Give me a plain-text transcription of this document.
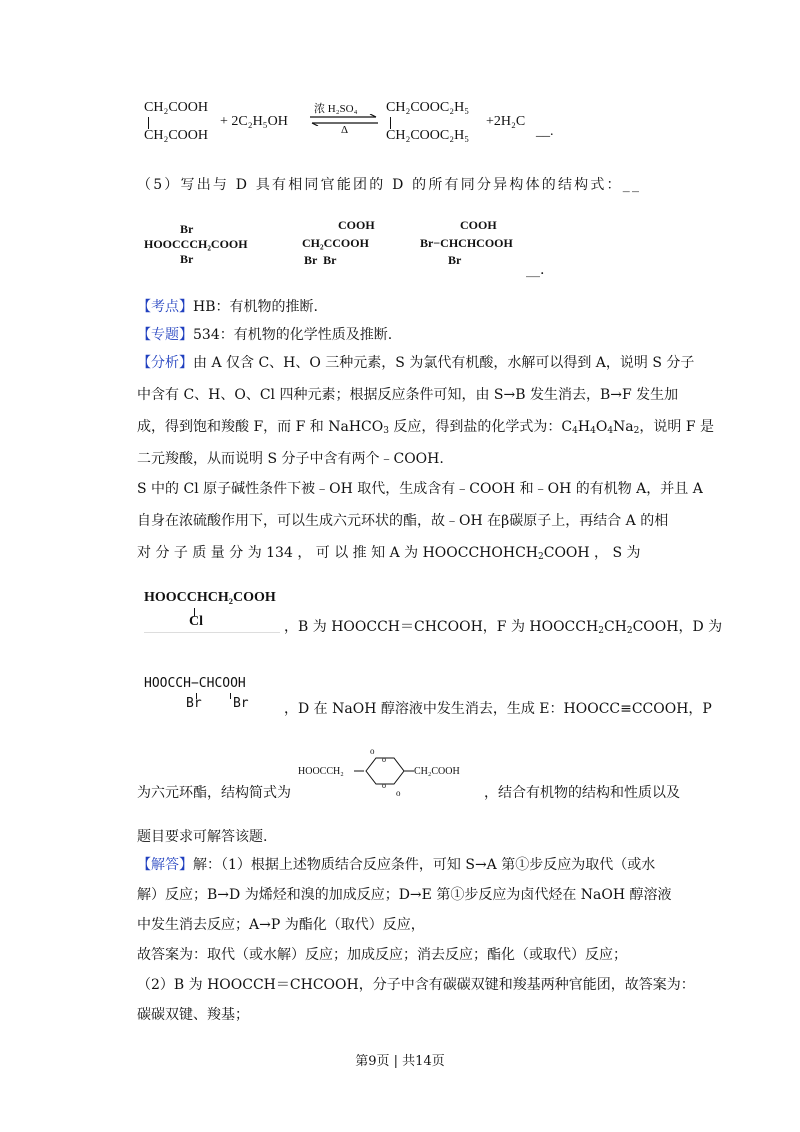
CH₂COOH
CH₂COOH
+ 2C₂H₅OH
浓 H₂SO₄
Δ
CH₂COOC₂H₅
CH₂COOC₂H₅
+2H₂C
__.
（5）写出与 D 具有相同官能团的 D 的所有同分异构体的结构式：__
Br
HOOCCCH₂COOH
Br
COOH
CH₂CCOOH
Br  Br
COOH
Br−CHCHCOOH
Br
__.
【考点】HB：有机物的推断.
【专题】534：有机物的化学性质及推断.
【分析】由 A 仅含 C、H、O 三种元素，S 为氯代有机酸，水解可以得到 A，说明 S 分子
中含有 C、H、O、Cl 四种元素；根据反应条件可知，由 S→B 发生消去，B→F 发生加
成，得到饱和羧酸 F，而 F 和 NaHCO$_3$ 反应，得到盐的化学式为：$C_4H_4O_4Na_2$，说明 F 是
二元羧酸，从而说明 S 分子中含有两个﹣COOH.
S 中的 Cl 原子碱性条件下被﹣OH 取代，生成含有﹣COOH 和﹣OH 的有机物 A，并且 A
自身在浓硫酸作用下，可以生成六元环状的酯，故﹣OH 在β碳原子上，再结合 A 的相
对 分 子 质 量 分 为 134 ， 可 以 推 知 A 为 $HOOCCHOHCH_2COOH$ ， S 为
HOOCCHCH₂COOH
Cl	，B 为 HOOCCH＝CHCOOH，F 为 $HOOCCH_2CH_2COOH$，D 为
HOOCCH−CHCOOH
Br    Br	，D 在 NaOH 醇溶液中发生消去，生成 E：HOOCC≡CCOOH，P
HOOCCH₂
o
o
o
o
CH₂COOH
为六元环酯，结构简式为	，结合有机物的结构和性质以及
题目要求可解答该题.
【解答】解：（1）根据上述物质结合反应条件，可知 S→A 第①步反应为取代（或水
解）反应；B→D 为烯烃和溴的加成反应；D→E 第①步反应为卤代烃在 NaOH 醇溶液
中发生消去反应；A→P 为酯化（取代）反应，
故答案为：取代（或水解）反应；加成反应；消去反应；酯化（或取代）反应；
（2）B 为 HOOCCH＝CHCOOH，分子中含有碳碳双键和羧基两种官能团，故答案为：
碳碳双键、羧基；
第9页 | 共14页
